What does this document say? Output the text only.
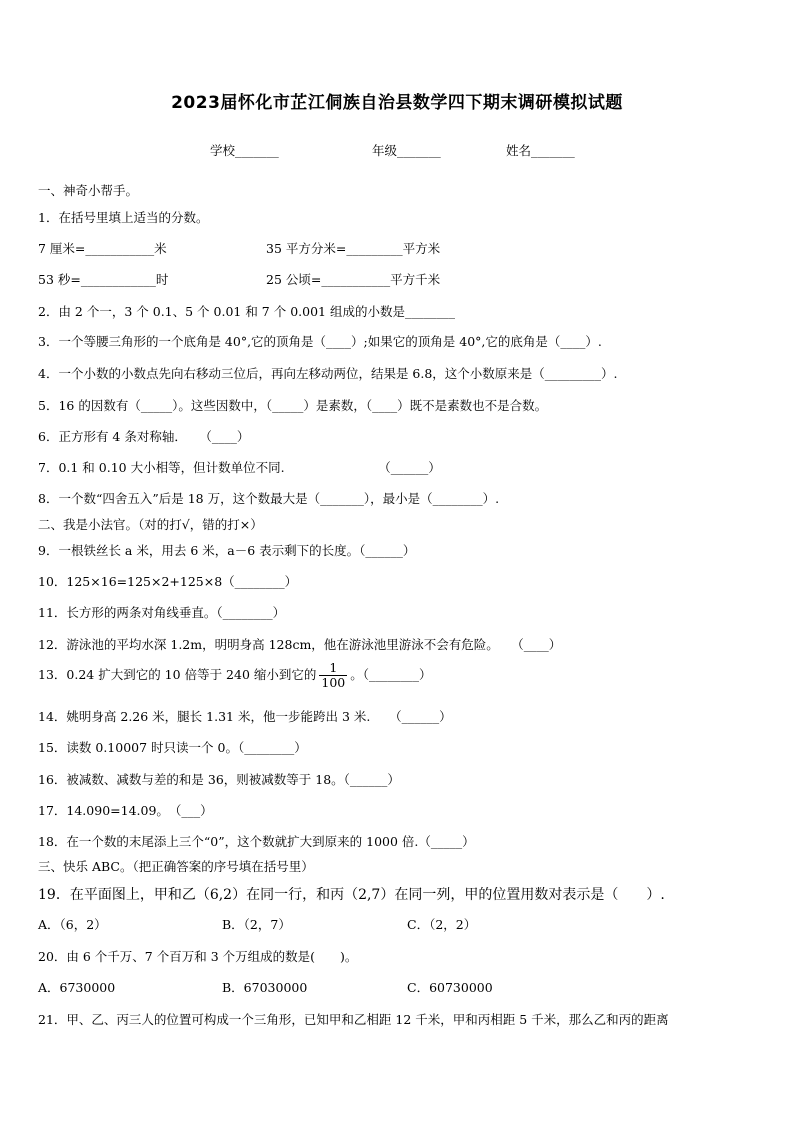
2023届怀化市芷江侗族自治县数学四下期末调研模拟试题
学校_______	年级_______	姓名_______
一、神奇小帮手。
1．在括号里填上适当的分数。
7 厘米=___________米	35 平方分米=_________平方米
53 秒=____________时	25 公顷=___________平方千米
2．由 2 个一，3 个 0.1、5 个 0.01 和 7 个 0.001 组成的小数是________
3．一个等腰三角形的一个底角是 40°,它的顶角是（____）;如果它的顶角是 40°,它的底角是（____）.
4．一个小数的小数点先向右移动三位后，再向左移动两位，结果是 6.8，这个小数原来是（_________）.
5．16 的因数有（_____）。这些因数中，（_____）是素数，（____）既不是素数也不是合数。
6．正方形有 4 条对称轴．　　（____）
7．0.1 和 0.10 大小相等，但计数单位不同.　　　　　　　　（______）
8．一个数“四舍五入”后是 18 万，这个数最大是（_______），最小是（________）.
二、我是小法官。（对的打√，错的打×）
9．一根铁丝长 a 米，用去 6 米，a－6 表示剩下的长度。（______）
10．125×16=125×2+125×8（________）
11．长方形的两条对角线垂直。（________）
12．游泳池的平均水深 1.2m，明明身高 128cm，他在游泳池里游泳不会有危险。　　（____）
13．0.24 扩大到它的 10 倍等于 240 缩小到它的 $\frac{1}{100}$ 。（________）
14．姚明身高 2.26 米，腿长 1.31 米，他一步能跨出 3 米.　　（______）
15．读数 0.10007 时只读一个 0。（________）
16．被减数、减数与差的和是 36，则被减数等于 18。（______）
17．14.090=14.09。　（___）
18．在一个数的末尾添上三个“0”，这个数就扩大到原来的 1000 倍.（_____）
三、快乐 ABC。（把正确答案的序号填在括号里）
19．在平面图上，甲和乙（6,2）在同一行，和丙（2,7）在同一列，甲的位置用数对表示是（　　）.
A．（6，2）	B．（2，7）	C．（2，2）
20．由 6 个千万、7 个百万和 3 个万组成的数是(　　)。
A．6730000	B．67030000	C．60730000
21．甲、乙、丙三人的位置可构成一个三角形，已知甲和乙相距 12 千米，甲和丙相距 5 千米，那么乙和丙的距离
